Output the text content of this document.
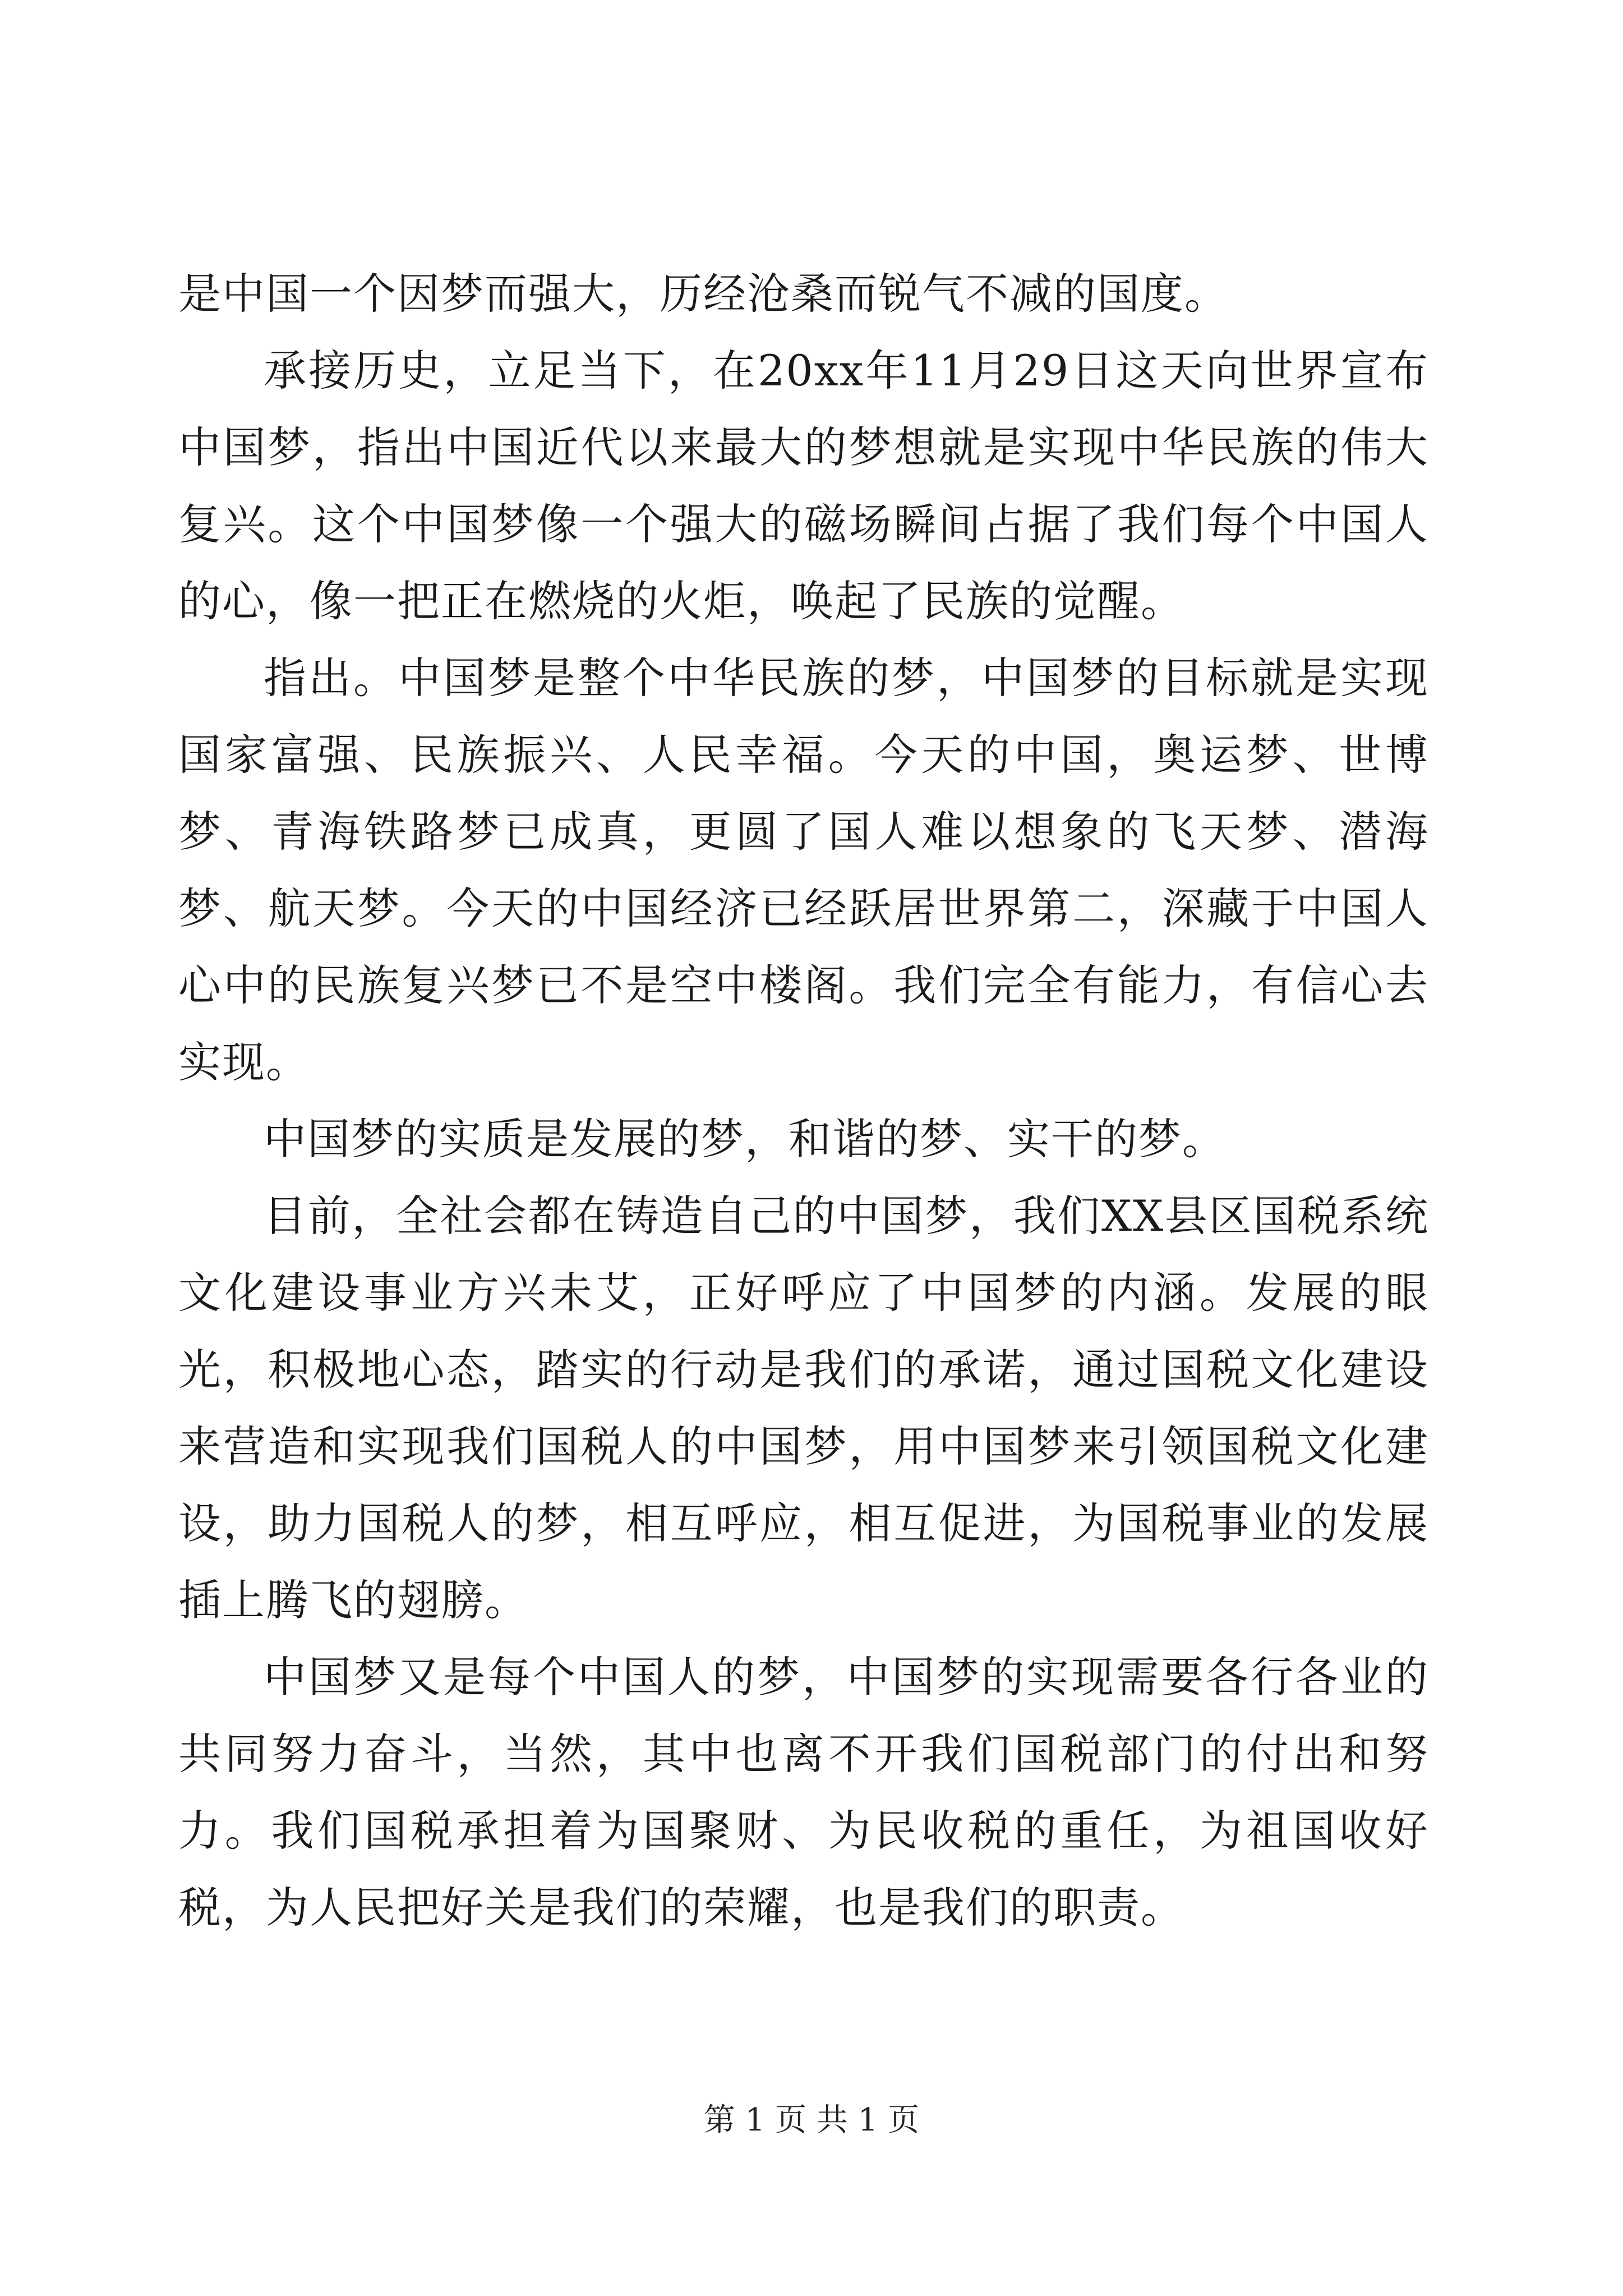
是中国一个因梦而强大，历经沧桑而锐气不减的国度。

承接历史，立足当下，在20xx年11月29日这天向世界宣布中国梦，指出中国近代以来最大的梦想就是实现中华民族的伟大复兴。这个中国梦像一个强大的磁场瞬间占据了我们每个中国人的心，像一把正在燃烧的火炬，唤起了民族的觉醒。

指出。中国梦是整个中华民族的梦，中国梦的目标就是实现国家富强、民族振兴、人民幸福。今天的中国，奥运梦、世博梦、青海铁路梦已成真，更圆了国人难以想象的飞天梦、潜海梦、航天梦。今天的中国经济已经跃居世界第二，深藏于中国人心中的民族复兴梦已不是空中楼阁。我们完全有能力，有信心去实现。

中国梦的实质是发展的梦，和谐的梦、实干的梦。

目前，全社会都在铸造自己的中国梦，我们XX县区国税系统文化建设事业方兴未艾，正好呼应了中国梦的内涵。发展的眼光，积极地心态，踏实的行动是我们的承诺，通过国税文化建设来营造和实现我们国税人的中国梦，用中国梦来引领国税文化建设，助力国税人的梦，相互呼应，相互促进，为国税事业的发展插上腾飞的翅膀。

中国梦又是每个中国人的梦，中国梦的实现需要各行各业的共同努力奋斗，当然，其中也离不开我们国税部门的付出和努力。我们国税承担着为国聚财、为民收税的重任，为祖国收好税，为人民把好关是我们的荣耀，也是我们的职责。

第 1 页 共 1 页
